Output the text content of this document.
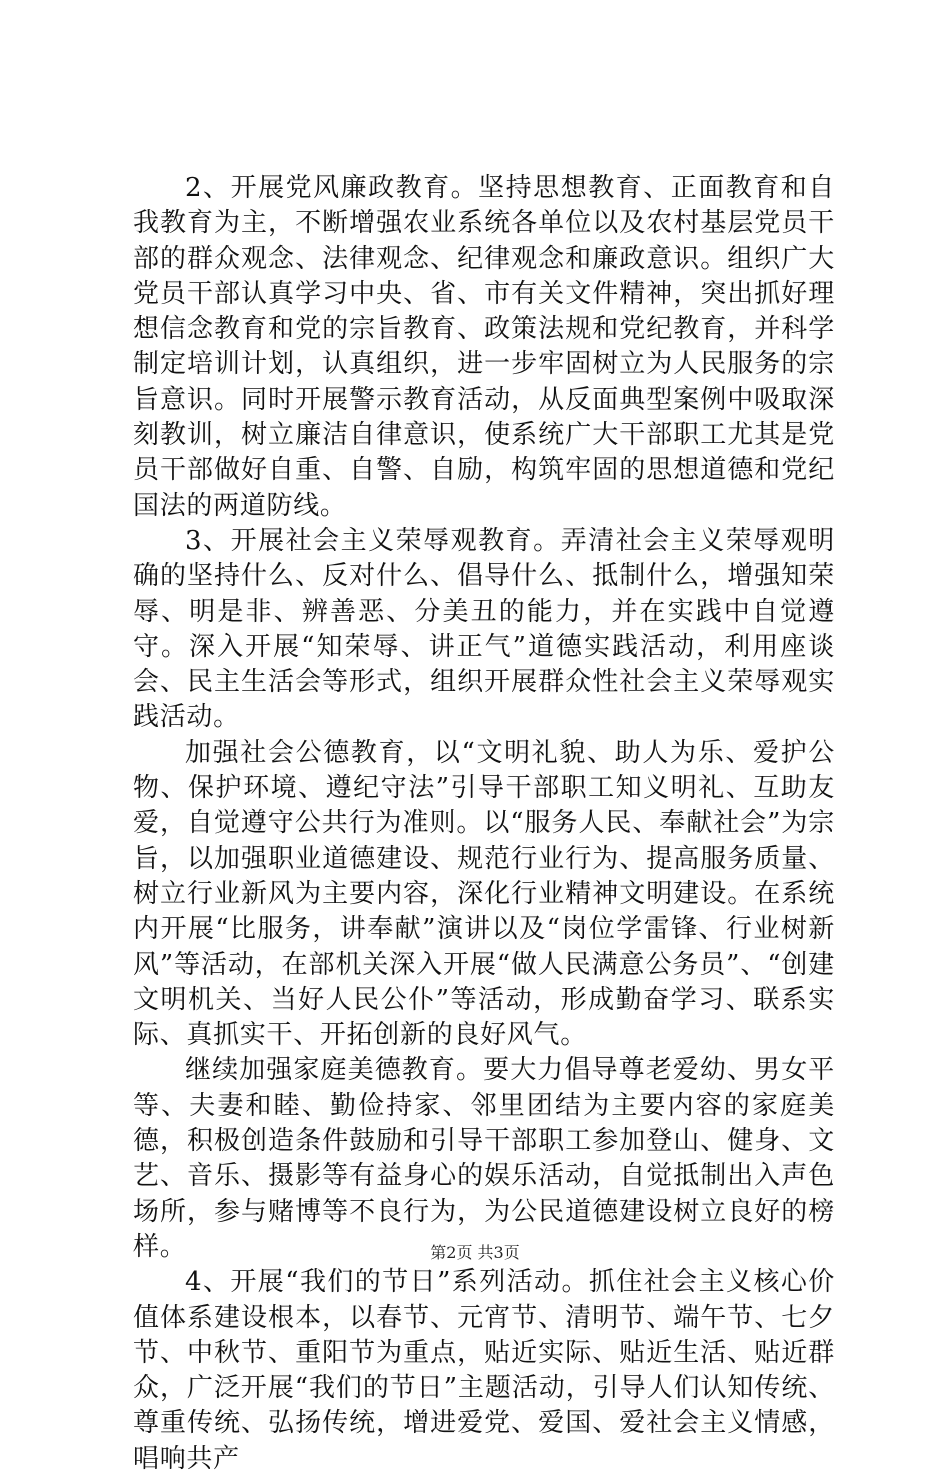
2、开展党风廉政教育。坚持思想教育、正面教育和自我教育为主，不断增强农业系统各单位以及农村基层党员干部的群众观念、法律观念、纪律观念和廉政意识。组织广大党员干部认真学习中央、省、市有关文件精神，突出抓好理想信念教育和党的宗旨教育、政策法规和党纪教育，并科学制定培训计划，认真组织，进一步牢固树立为人民服务的宗旨意识。同时开展警示教育活动，从反面典型案例中吸取深刻教训，树立廉洁自律意识，使系统广大干部职工尤其是党员干部做好自重、自警、自励，构筑牢固的思想道德和党纪国法的两道防线。

3、开展社会主义荣辱观教育。弄清社会主义荣辱观明确的坚持什么、反对什么、倡导什么、抵制什么，增强知荣辱、明是非、辨善恶、分美丑的能力，并在实践中自觉遵守。深入开展“知荣辱、讲正气”道德实践活动，利用座谈会、民主生活会等形式，组织开展群众性社会主义荣辱观实践活动。

加强社会公德教育，以“文明礼貌、助人为乐、爱护公物、保护环境、遵纪守法”引导干部职工知义明礼、互助友爱，自觉遵守公共行为准则。以“服务人民、奉献社会”为宗旨，以加强职业道德建设、规范行业行为、提高服务质量、树立行业新风为主要内容，深化行业精神文明建设。在系统内开展“比服务，讲奉献”演讲以及“岗位学雷锋、行业树新风”等活动，在部机关深入开展“做人民满意公务员”、“创建文明机关、当好人民公仆”等活动，形成勤奋学习、联系实际、真抓实干、开拓创新的良好风气。

继续加强家庭美德教育。要大力倡导尊老爱幼、男女平等、夫妻和睦、勤俭持家、邻里团结为主要内容的家庭美德，积极创造条件鼓励和引导干部职工参加登山、健身、文艺、音乐、摄影等有益身心的娱乐活动，自觉抵制出入声色场所，参与赌博等不良行为，为公民道德建设树立良好的榜样。

4、开展“我们的节日”系列活动。抓住社会主义核心价值体系建设根本，以春节、元宵节、清明节、端午节、七夕节、中秋节、重阳节为重点，贴近实际、贴近生活、贴近群众，广泛开展“我们的节日”主题活动，引导人们认知传统、尊重传统、弘扬传统，增进爱党、爱国、爱社会主义情感，唱响共产

第2页 共3页
